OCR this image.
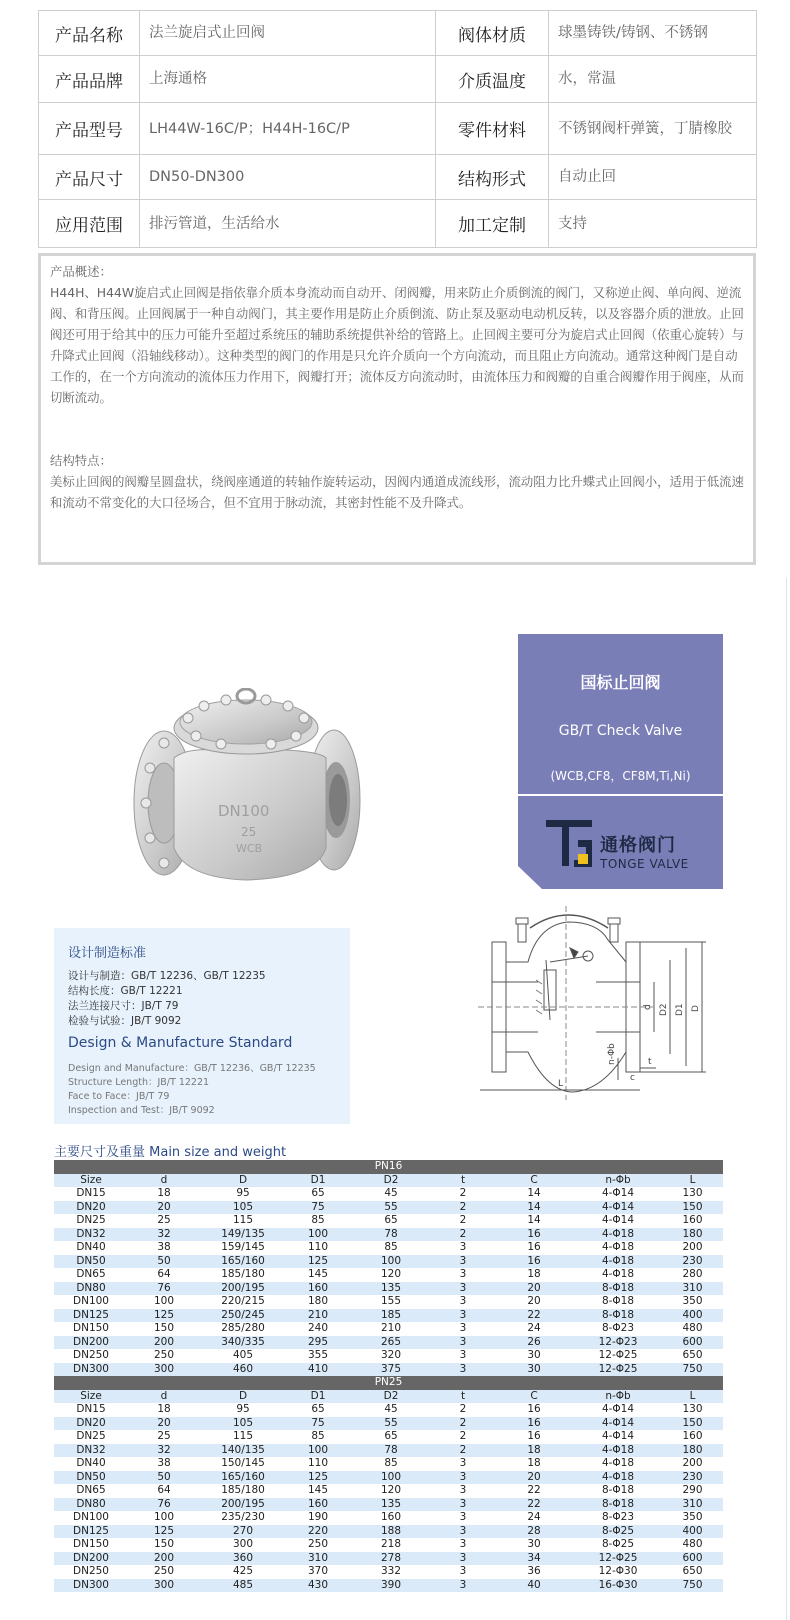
产品名称	法兰旋启式止回阀	阀体材质	球墨铸铁/铸钢、不锈钢
产品品牌	上海通格	介质温度	水，常温
产品型号	LH44W-16C/P；H44H-16C/P	零件材料	不锈钢阀杆弹簧，丁腈橡胶
产品尺寸	DN50-DN300	结构形式	自动止回
应用范围	排污管道，生活给水	加工定制	支持

产品概述：

H44H、H44W旋启式止回阀是指依靠介质本身流动而自动开、闭阀瓣，用来防止介质倒流的阀门，又称逆止阀、单向阀、逆流阀、和背压阀。止回阀属于一种自动阀门，其主要作用是防止介质倒流、防止泵及驱动电动机反转，以及容器介质的泄放。止回阀还可用于给其中的压力可能升至超过系统压的辅助系统提供补给的管路上。止回阀主要可分为旋启式止回阀（依重心旋转）与升降式止回阀（沿轴线移动）。这种类型的阀门的作用是只允许介质向一个方向流动，而且阻止方向流动。通常这种阀门是自动工作的，在一个方向流动的流体压力作用下，阀瓣打开；流体反方向流动时，由流体压力和阀瓣的自重合阀瓣作用于阀座，从而切断流动。

结构特点：

美标止回阀的阀瓣呈圆盘状，绕阀座通道的转轴作旋转运动，因阀内通道成流线形，流动阻力比升蝶式止回阀小，适用于低流速和流动不常变化的大口径场合，但不宜用于脉动流，其密封性能不及升降式。

DN100
25
WCB
国标止回阀
GB/T Check Valve
(WCB,CF8，CF8M,Ti,Ni)
通格阀门
TONGE VALVE
d D2 D1 D
n-Φb	t
c
L
设计制造标准
设计与制造：GB/T 12236、GB/T 12235
结构长度：GB/T 12221
法兰连接尺寸：JB/T 79
检验与试验：JB/T 9092
Design & Manufacture Standard
Design and Manufacture：GB/T 12236、GB/T 12235
Structure Length：JB/T 12221
Face to Face：JB/T 79
Inspection and Test：JB/T 9092
主要尺寸及重量 Main size and weight
PN16								
Size	d	D	D1	D2	t	C	n-Φb	L
DN15	18	95	65	45	2	14	4-Φ14	130
DN20	20	105	75	55	2	14	4-Φ14	150
DN25	25	115	85	65	2	14	4-Φ14	160
DN32	32	149/135	100	78	2	16	4-Φ18	180
DN40	38	159/145	110	85	3	16	4-Φ18	200
DN50	50	165/160	125	100	3	16	4-Φ18	230
DN65	64	185/180	145	120	3	18	4-Φ18	280
DN80	76	200/195	160	135	3	20	8-Φ18	310
DN100	100	220/215	180	155	3	20	8-Φ18	350
DN125	125	250/245	210	185	3	22	8-Φ18	400
DN150	150	285/280	240	210	3	24	8-Φ23	480
DN200	200	340/335	295	265	3	26	12-Φ23	600
DN250	250	405	355	320	3	30	12-Φ25	650
DN300	300	460	410	375	3	30	12-Φ25	750
PN25								
Size	d	D	D1	D2	t	C	n-Φb	L
DN15	18	95	65	45	2	16	4-Φ14	130
DN20	20	105	75	55	2	16	4-Φ14	150
DN25	25	115	85	65	2	16	4-Φ14	160
DN32	32	140/135	100	78	2	18	4-Φ18	180
DN40	38	150/145	110	85	3	18	4-Φ18	200
DN50	50	165/160	125	100	3	20	4-Φ18	230
DN65	64	185/180	145	120	3	22	8-Φ18	290
DN80	76	200/195	160	135	3	22	8-Φ18	310
DN100	100	235/230	190	160	3	24	8-Φ23	350
DN125	125	270	220	188	3	28	8-Φ25	400
DN150	150	300	250	218	3	30	8-Φ25	480
DN200	200	360	310	278	3	34	12-Φ25	600
DN250	250	425	370	332	3	36	12-Φ30	650
DN300	300	485	430	390	3	40	16-Φ30	750
